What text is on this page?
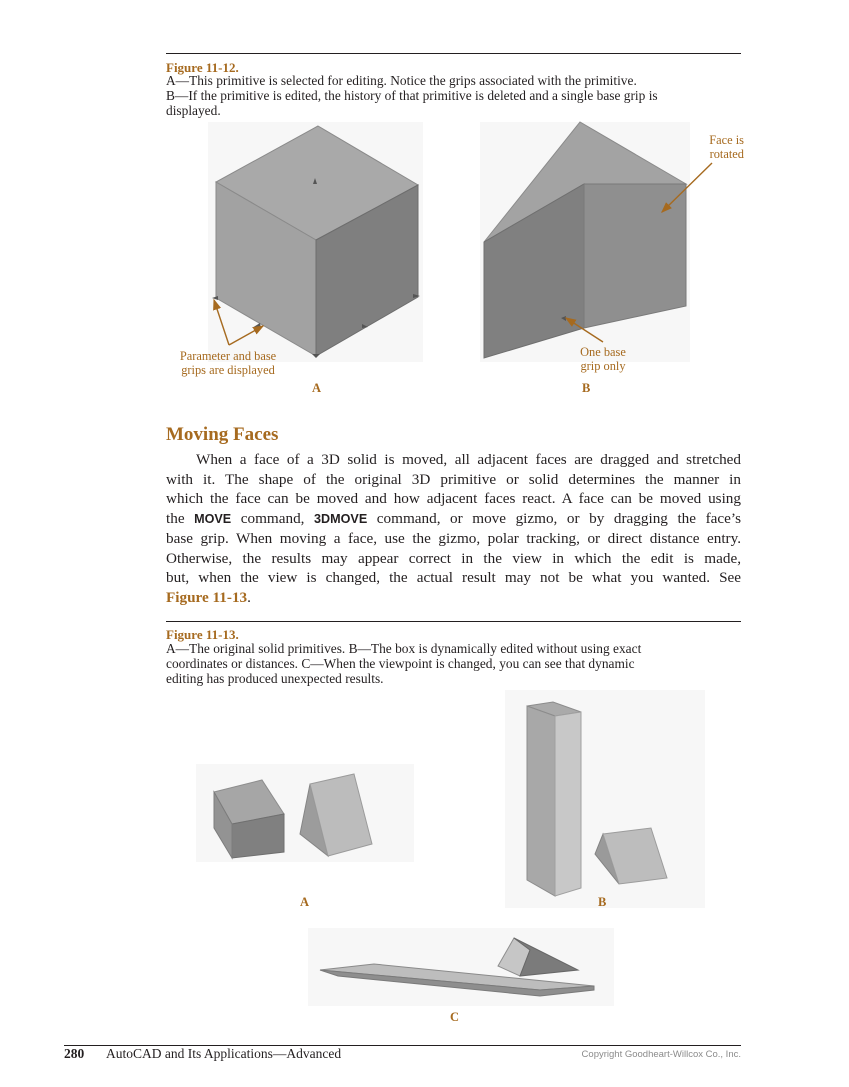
Figure 11-12.
A—This primitive is selected for editing. Notice the grips associated with the primitive.
B—If the primitive is edited, the history of that primitive is deleted and a single base grip is
displayed.
Parameter and base
grips are displayed
One base
grip only
Face is
rotated
A	B
Moving Faces
When a face of a 3D solid is moved, all adjacent faces are dragged and stretched
with it. The shape of the original 3D primitive or solid determines the manner in
which the face can be moved and how adjacent faces react. A face can be moved using
the MOVE command, 3DMOVE command, or move gizmo, or by dragging the face’s
base grip. When moving a face, use the gizmo, polar tracking, or direct distance entry.
Otherwise, the results may appear correct in the view in which the edit is made,
but, when the view is changed, the actual result may not be what you wanted. See
Figure 11-13.
Figure 11-13.
A—The original solid primitives. B—The box is dynamically edited without using exact
coordinates or distances. C—When the viewpoint is changed, you can see that dynamic
editing has produced unexpected results.
A	B
C
280 AutoCAD and Its Applications—Advanced	Copyright Goodheart-Willcox Co., Inc.
